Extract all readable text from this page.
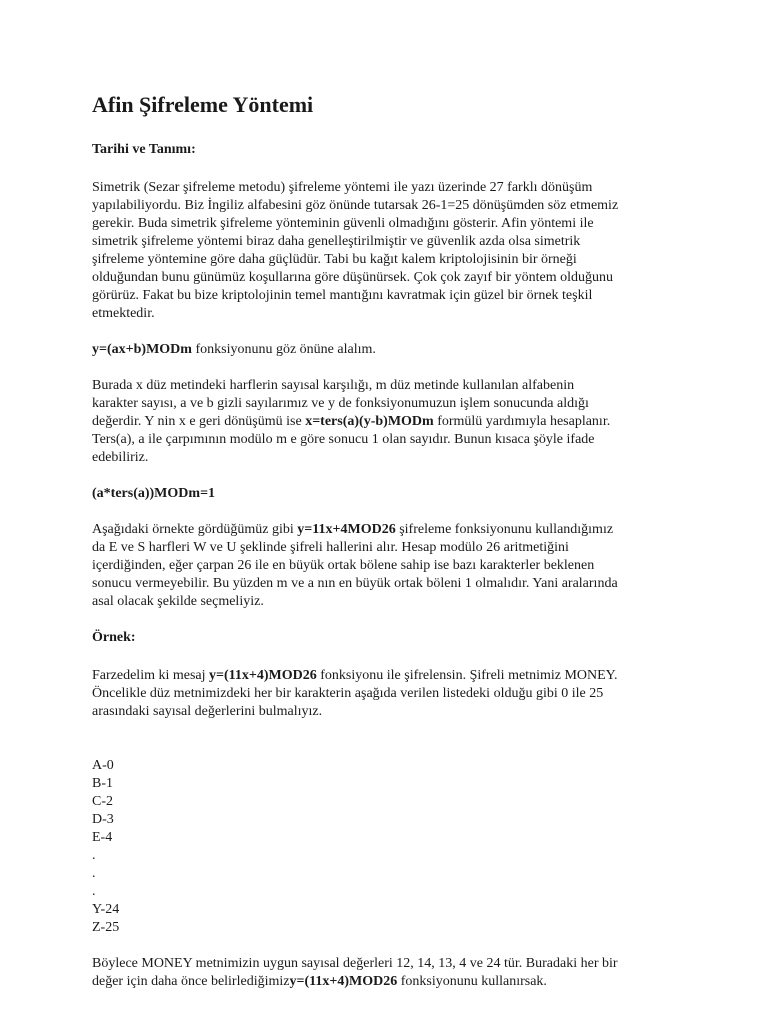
Afin Şifreleme Yöntemi
Tarihi ve Tanımı:

Simetrik (Sezar şifreleme metodu) şifreleme yöntemi ile yazı üzerinde 27 farklı dönüşüm
yapılabiliyordu. Biz İngiliz alfabesini göz önünde tutarsak 26-1=25 dönüşümden söz etmemiz
gerekir. Buda simetrik şifreleme yönteminin güvenli olmadığını gösterir. Afin yöntemi ile
simetrik şifreleme yöntemi biraz daha genelleştirilmiştir ve güvenlik azda olsa simetrik
şifreleme yöntemine göre daha güçlüdür. Tabi bu kağıt kalem kriptolojisinin bir örneği
olduğundan bunu günümüz koşullarına göre düşünürsek. Çok çok zayıf bir yöntem olduğunu
görürüz. Fakat bu bize kriptolojinin temel mantığını kavratmak için güzel bir örnek teşkil
etmektedir.

y=(ax+b)MODm fonksiyonunu göz önüne alalım.

Burada x düz metindeki harflerin sayısal karşılığı, m düz metinde kullanılan alfabenin
karakter sayısı, a ve b gizli sayılarımız ve y de fonksiyonumuzun işlem sonucunda aldığı
değerdir. Y nin x e geri dönüşümü ise x=ters(a)(y-b)MODm formülü yardımıyla hesaplanır.
Ters(a), a ile çarpımının modülo m e göre sonucu 1 olan sayıdır. Bunun kısaca şöyle ifade
edebiliriz.

(a*ters(a))MODm=1

Aşağıdaki örnekte gördüğümüz gibi y=11x+4MOD26 şifreleme fonksiyonunu kullandığımız
da E ve S harfleri W ve U şeklinde şifreli hallerini alır. Hesap modülo 26 aritmetiğini
içerdiğinden, eğer çarpan 26 ile en büyük ortak bölene sahip ise bazı karakterler beklenen
sonucu vermeyebilir. Bu yüzden m ve a nın en büyük ortak böleni 1 olmalıdır. Yani aralarında
asal olacak şekilde seçmeliyiz.

Örnek:

Farzedelim ki mesaj y=(11x+4)MOD26 fonksiyonu ile şifrelensin. Şifreli metnimiz MONEY.
Öncelikle düz metnimizdeki her bir karakterin aşağıda verilen listedeki olduğu gibi 0 ile 25
arasındaki sayısal değerlerini bulmalıyız.

A-0
B-1
C-2
D-3
E-4
.
.
.
Y-24
Z-25

Böylece MONEY metnimizin uygun sayısal değerleri 12, 14, 13, 4 ve 24 tür. Buradaki her bir
değer için daha önce belirlediğimizy=(11x+4)MOD26 fonksiyonunu kullanırsak.
